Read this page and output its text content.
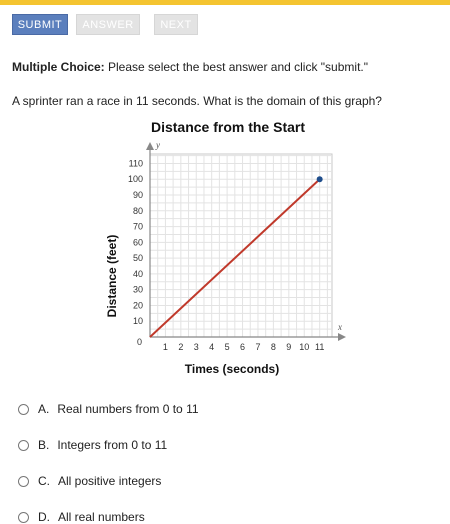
SUBMIT	ANSWER	NEXT
Multiple Choice: Please select the best answer and click "submit."
A sprinter ran a race in 11 seconds. What is the domain of this graph?
Distance from the Start
y
x
1 2 3 4 5 6 7 8 9 10 11
10
20
30
40
50
60
70
80
90
100
110
0
Times (seconds)
Distance (feet)
A. Real numbers from 0 to 11
B. Integers from 0 to 11
C. All positive integers
D. All real numbers
